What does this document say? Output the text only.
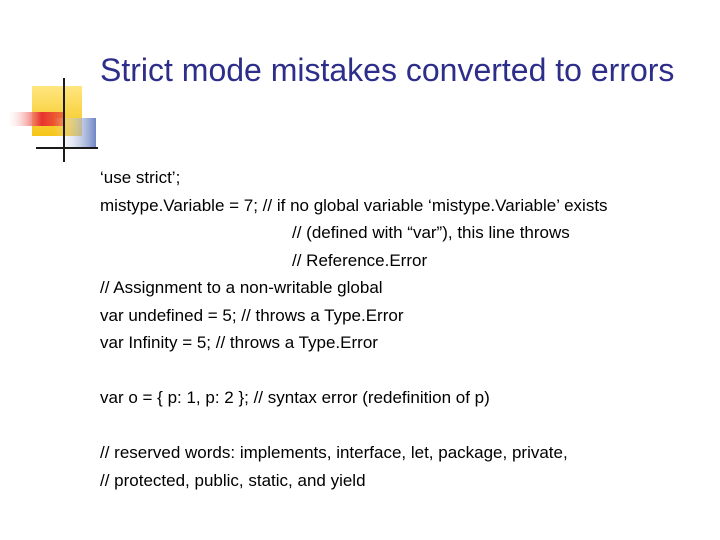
Strict mode mistakes converted to errors
‘use strict’;
mistype.Variable = 7; // if no global variable ‘mistype.Variable’ exists
// (defined with “var”), this line throws
// Reference.Error
// Assignment to a non-writable global
var undefined = 5; // throws a Type.Error
var Infinity = 5; // throws a Type.Error
var o = { p: 1, p: 2 }; // syntax error (redefinition of p)
// reserved words: implements, interface, let, package, private,
// protected, public, static, and yield
